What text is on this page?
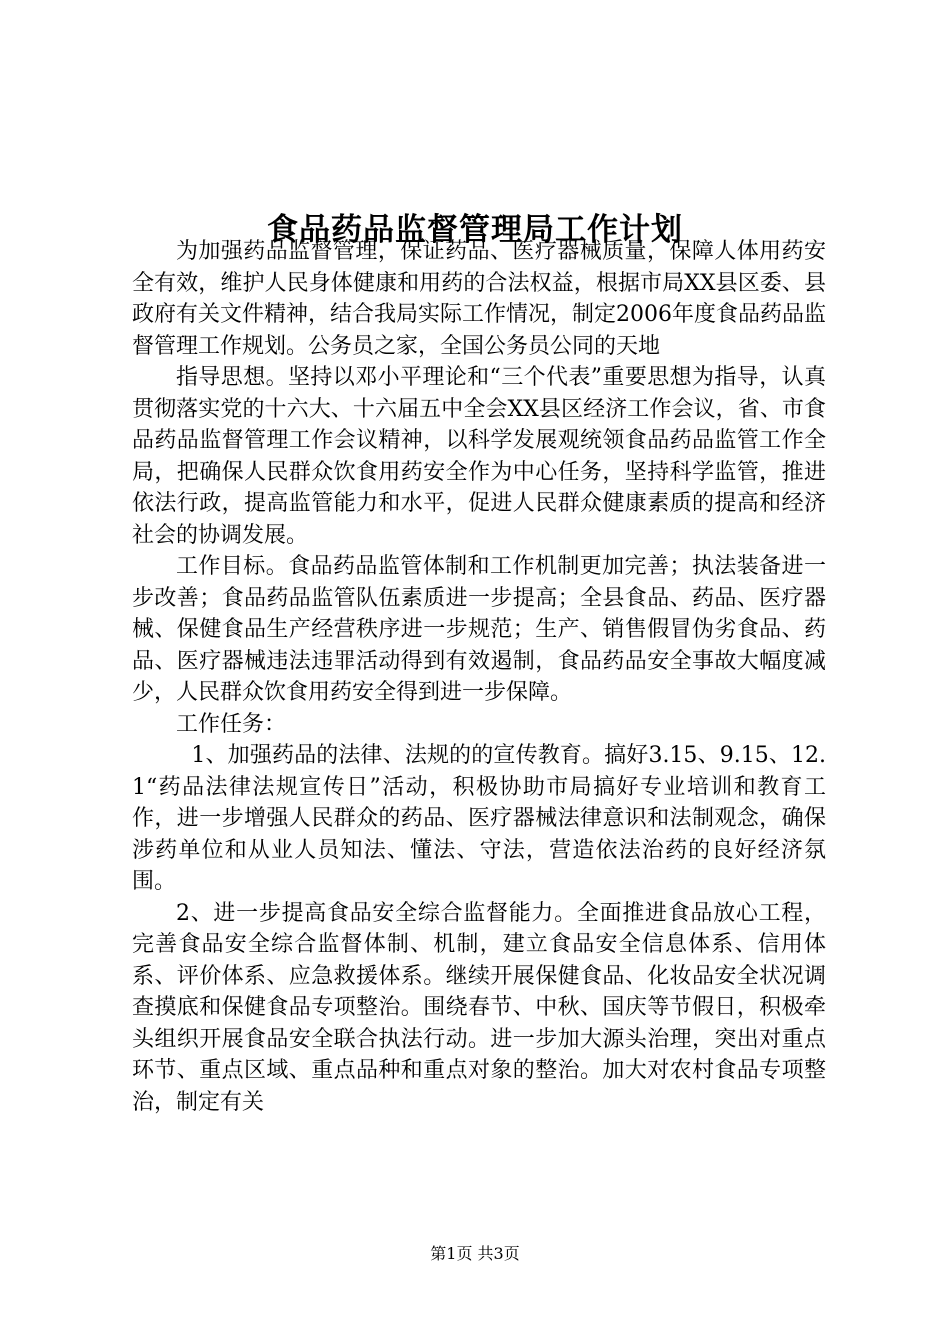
食品药品监督管理局工作计划

为加强药品监督管理，保证药品、医疗器械质量，保障人体用药安全有效，维护人民身体健康和用药的合法权益，根据市局XX县区委、县政府有关文件精神，结合我局实际工作情况，制定2006年度食品药品监督管理工作规划。公务员之家，全国公务员公同的天地

指导思想。坚持以邓小平理论和“三个代表”重要思想为指导，认真贯彻落实党的十六大、十六届五中全会XX县区经济工作会议，省、市食品药品监督管理工作会议精神，以科学发展观统领食品药品监管工作全局，把确保人民群众饮食用药安全作为中心任务，坚持科学监管，推进依法行政，提高监管能力和水平，促进人民群众健康素质的提高和经济社会的协调发展。

工作目标。食品药品监管体制和工作机制更加完善；执法装备进一步改善；食品药品监管队伍素质进一步提高；全县食品、药品、医疗器械、保健食品生产经营秩序进一步规范；生产、销售假冒伪劣食品、药品、医疗器械违法违罪活动得到有效遏制，食品药品安全事故大幅度减少，人民群众饮食用药安全得到进一步保障。

工作任务：

1、加强药品的法律、法规的的宣传教育。搞好3.15、9.15、12.1“药品法律法规宣传日”活动，积极协助市局搞好专业培训和教育工作，进一步增强人民群众的药品、医疗器械法律意识和法制观念，确保涉药单位和从业人员知法、懂法、守法，营造依法治药的良好经济氛围。

2、进一步提高食品安全综合监督能力。全面推进食品放心工程，完善食品安全综合监督体制、机制，建立食品安全信息体系、信用体系、评价体系、应急救援体系。继续开展保健食品、化妆品安全状况调查摸底和保健食品专项整治。围绕春节、中秋、国庆等节假日，积极牵头组织开展食品安全联合执法行动。进一步加大源头治理，突出对重点环节、重点区域、重点品种和重点对象的整治。加大对农村食品专项整治，制定有关

第1页 共3页
